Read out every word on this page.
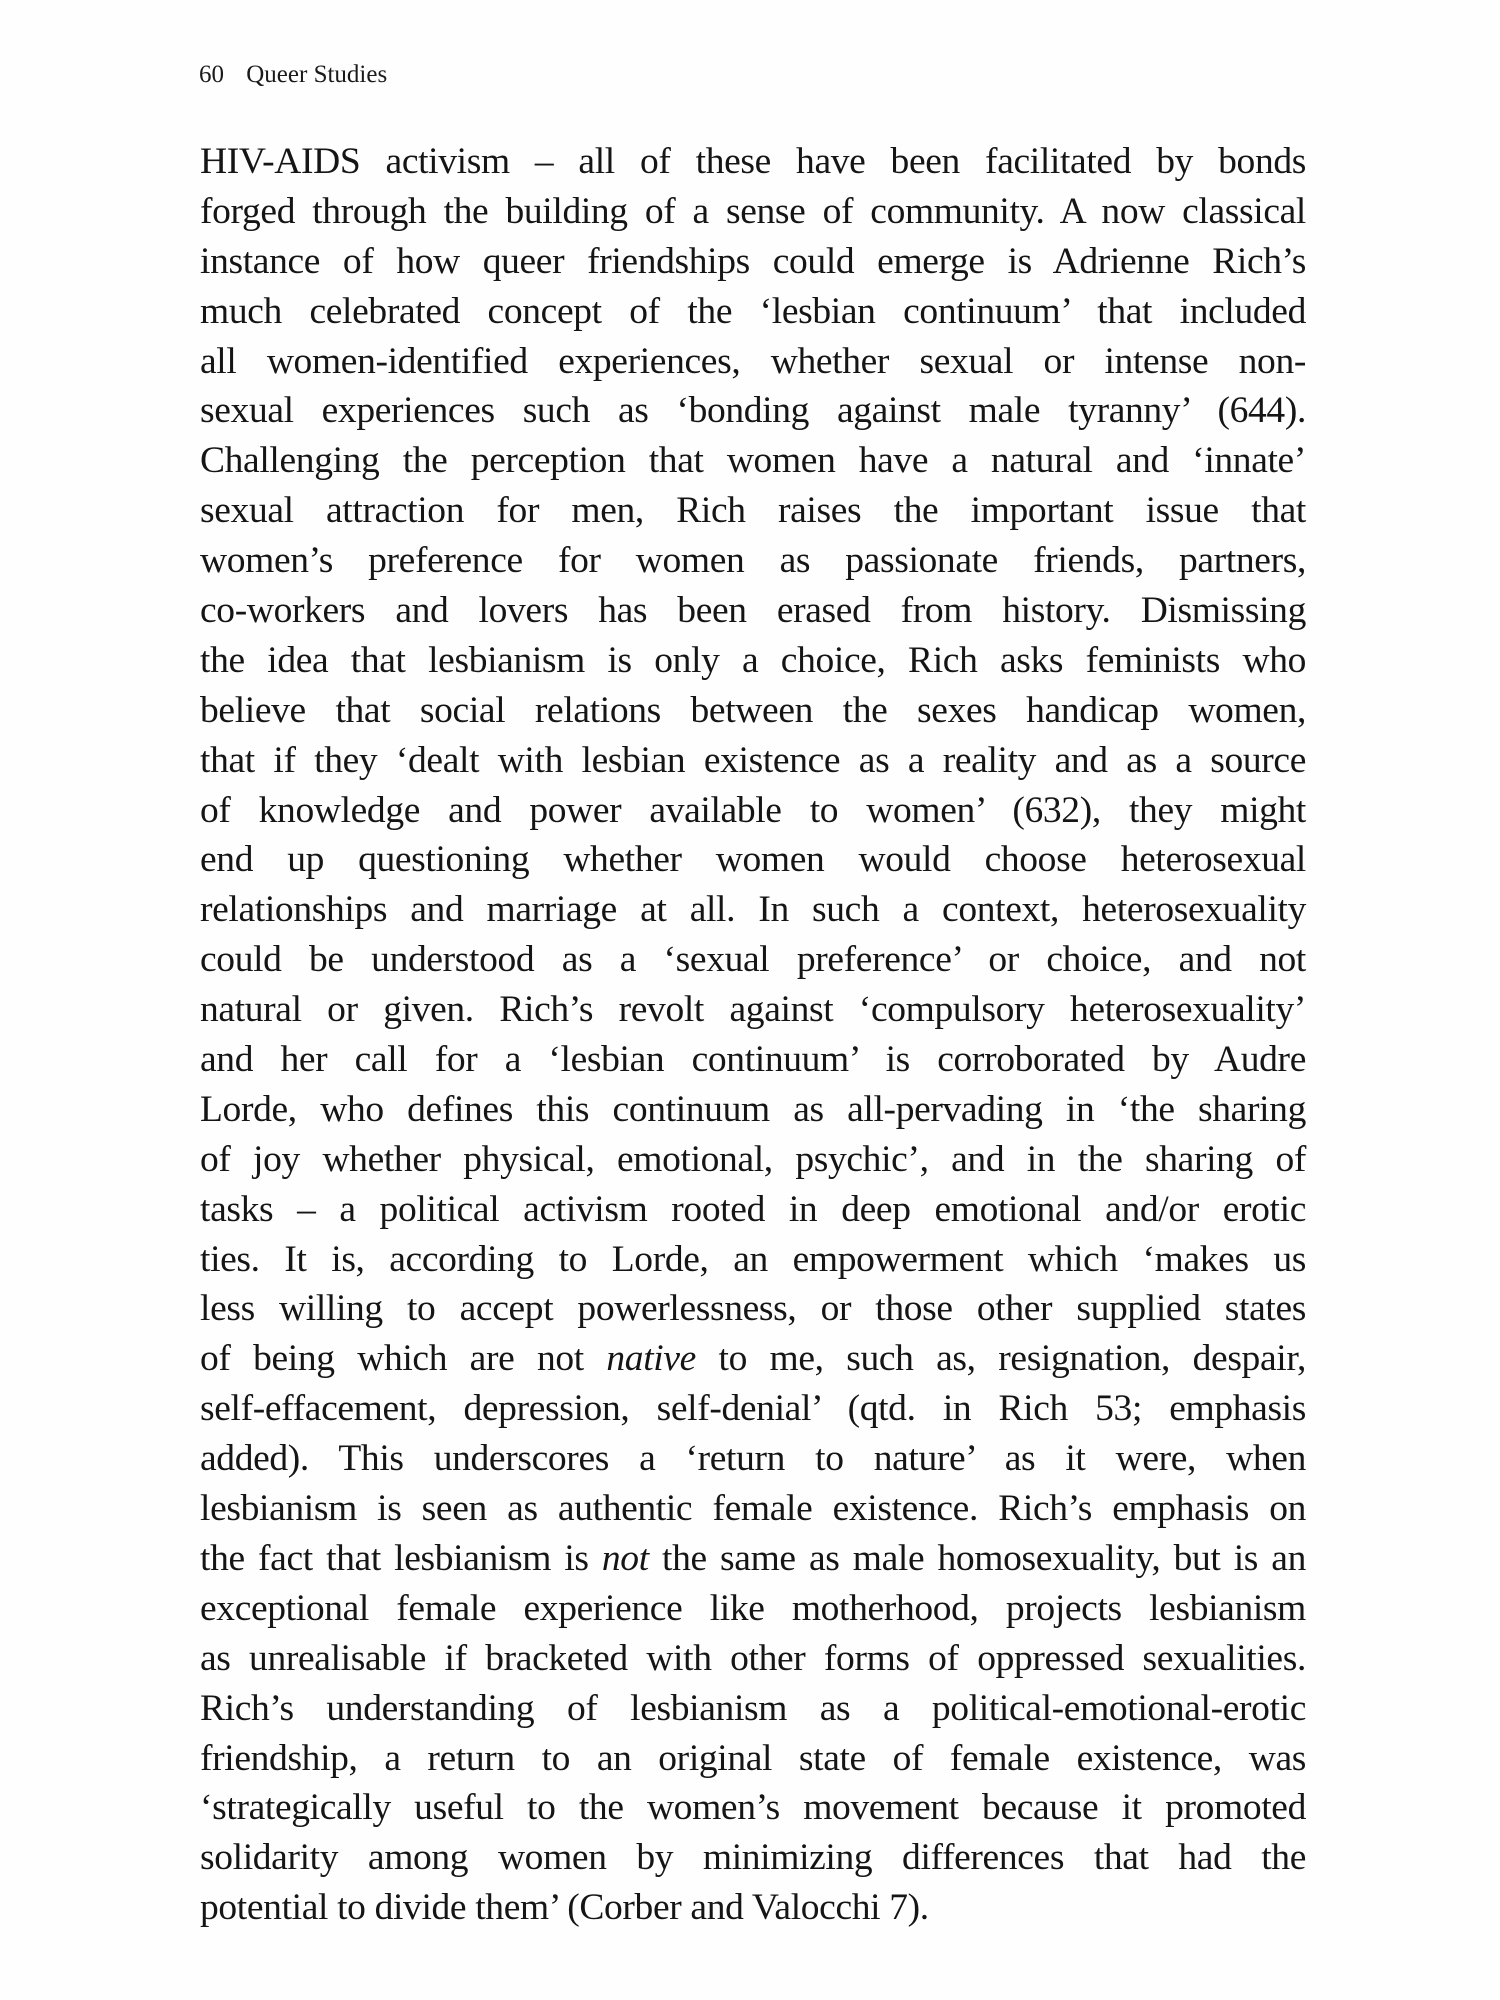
60 Queer Studies
HIV-AIDS activism – all of these have been facilitated by bonds
forged through the building of a sense of community. A now classical
instance of how queer friendships could emerge is Adrienne Rich’s
much celebrated concept of the ‘lesbian continuum’ that included
all women-identified experiences, whether sexual or intense non-
sexual experiences such as ‘bonding against male tyranny’ (644).
Challenging the perception that women have a natural and ‘innate’
sexual attraction for men, Rich raises the important issue that
women’s preference for women as passionate friends, partners,
co-workers and lovers has been erased from history. Dismissing
the idea that lesbianism is only a choice, Rich asks feminists who
believe that social relations between the sexes handicap women,
that if they ‘dealt with lesbian existence as a reality and as a source
of knowledge and power available to women’ (632), they might
end up questioning whether women would choose heterosexual
relationships and marriage at all. In such a context, heterosexuality
could be understood as a ‘sexual preference’ or choice, and not
natural or given. Rich’s revolt against ‘compulsory heterosexuality’
and her call for a ‘lesbian continuum’ is corroborated by Audre
Lorde, who defines this continuum as all-pervading in ‘the sharing
of joy whether physical, emotional, psychic’, and in the sharing of
tasks – a political activism rooted in deep emotional and/or erotic
ties. It is, according to Lorde, an empowerment which ‘makes us
less willing to accept powerlessness, or those other supplied states
of being which are not native to me, such as, resignation, despair,
self-effacement, depression, self-denial’ (qtd. in Rich 53; emphasis
added). This underscores a ‘return to nature’ as it were, when
lesbianism is seen as authentic female existence. Rich’s emphasis on
the fact that lesbianism is not the same as male homosexuality, but is an
exceptional female experience like motherhood, projects lesbianism
as unrealisable if bracketed with other forms of oppressed sexualities.
Rich’s understanding of lesbianism as a political-emotional-erotic
friendship, a return to an original state of female existence, was
‘strategically useful to the women’s movement because it promoted
solidarity among women by minimizing differences that had the
potential to divide them’ (Corber and Valocchi 7).
